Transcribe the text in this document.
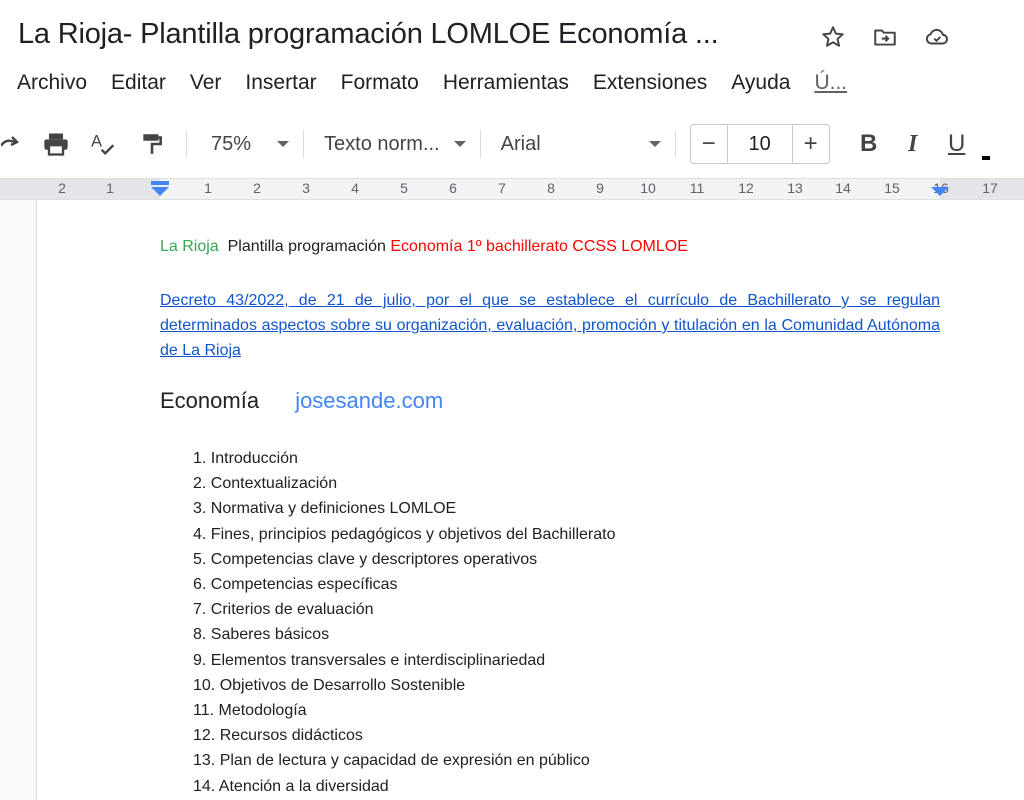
La Rioja- Plantilla programación LOMLOE Economía ...
Archivo Editar Ver Insertar Formato Herramientas Extensiones Ayuda Ú...
A	75%	Texto norm...	Arial	−	10	+	B	I	U
2	1	1	2	3	4	5	6	7	8	9	10 11 12 13 14 15	17
La Rioja Plantilla programación Economía 1º bachillerato CCSS LOMLOE
Decreto 43/2022, de 21 de julio, por el que se establece el currículo de Bachillerato y se regulan determinados aspectos sobre su organización, evaluación, promoción y titulación en la Comunidad Autónoma de La Rioja
Economía josesande.com
1. Introducción
2. Contextualización
3. Normativa y definiciones LOMLOE
4. Fines, principios pedagógicos y objetivos del Bachillerato
5. Competencias clave y descriptores operativos
6. Competencias específicas
7. Criterios de evaluación
8. Saberes básicos
9. Elementos transversales e interdisciplinariedad
10. Objetivos de Desarrollo Sostenible
11. Metodología
12. Recursos didácticos
13. Plan de lectura y capacidad de expresión en público
14. Atención a la diversidad
